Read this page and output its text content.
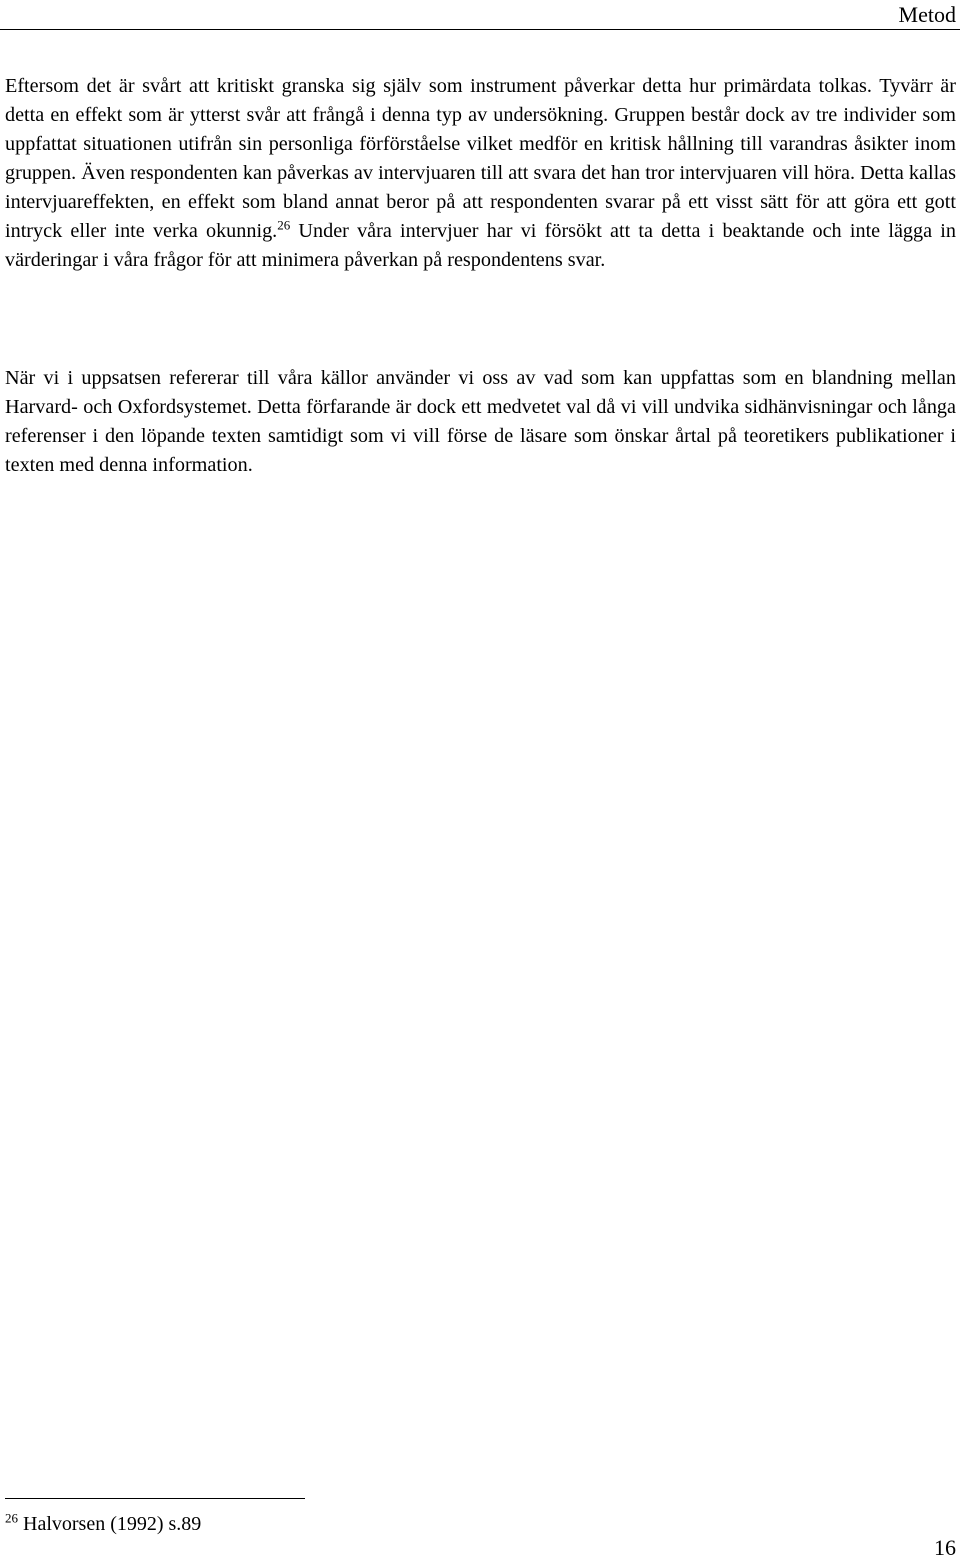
Metod

Eftersom det är svårt att kritiskt granska sig själv som instrument påverkar detta hur primärdata tolkas. Tyvärr är detta en effekt som är ytterst svår att frångå i denna typ av undersökning. Gruppen består dock av tre individer som uppfattat situationen utifrån sin personliga förförståelse vilket medför en kritisk hållning till varandras åsikter inom gruppen. Även respondenten kan påverkas av intervjuaren till att svara det han tror intervjuaren vill höra. Detta kallas intervjuareffekten, en effekt som bland annat beror på att respondenten svarar på ett visst sätt för att göra ett gott intryck eller inte verka okunnig.$^{26}$ Under våra intervjuer har vi försökt att ta detta i beaktande och inte lägga in värderingar i våra frågor för att minimera påverkan på respondentens svar.

När vi i uppsatsen refererar till våra källor använder vi oss av vad som kan uppfattas som en blandning mellan Harvard- och Oxfordsystemet. Detta förfarande är dock ett medvetet val då vi vill undvika sidhänvisningar och långa referenser i den löpande texten samtidigt som vi vill förse de läsare som önskar årtal på teoretikers publikationer i texten med denna information.

$^{26}$ Halvorsen (1992) s.89
16
